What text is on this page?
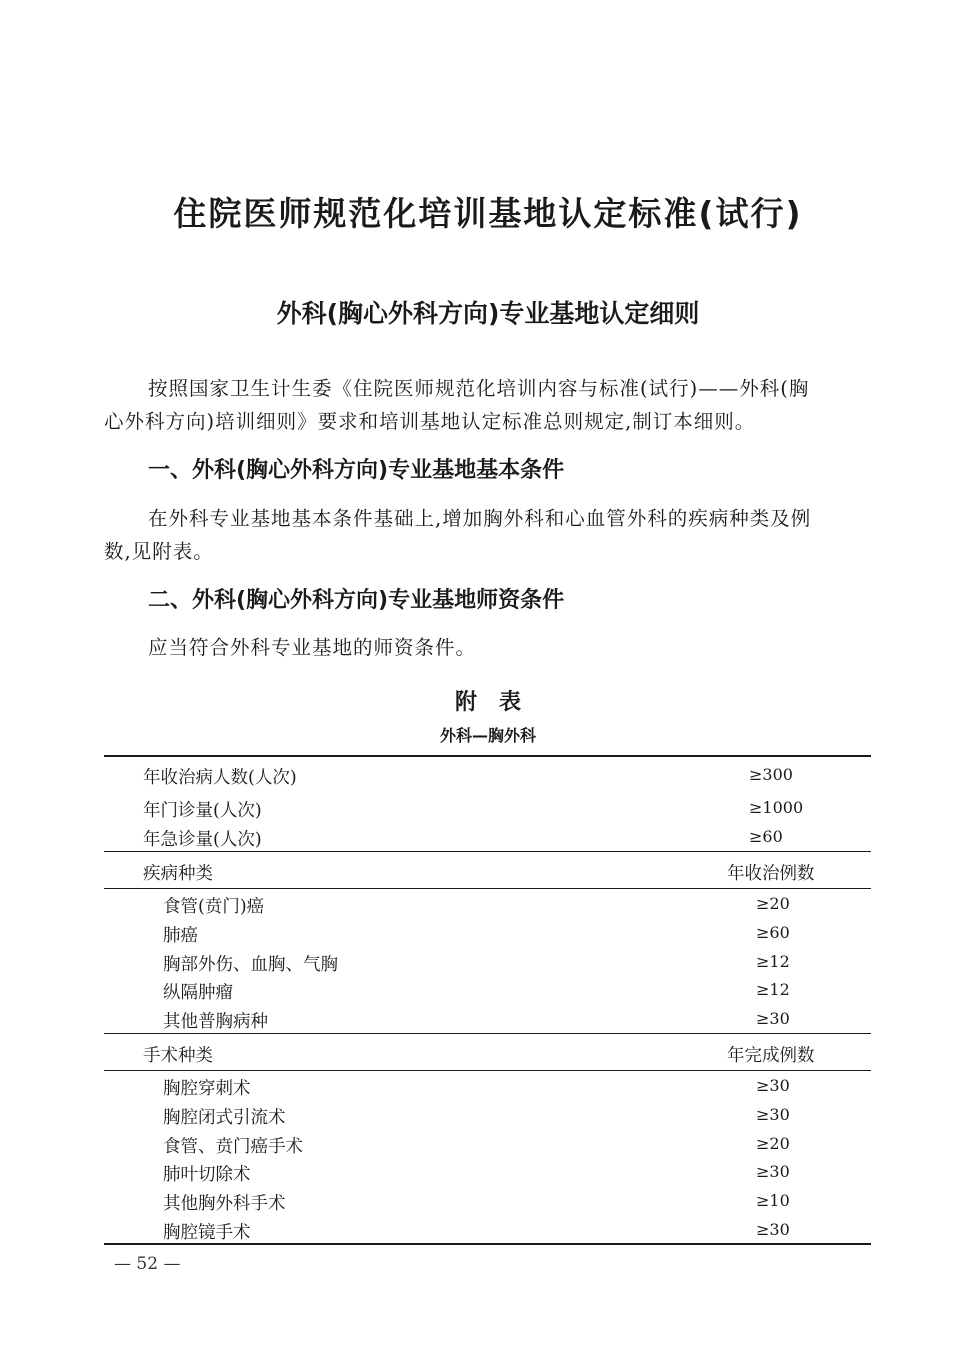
住院医师规范化培训基地认定标准(试行)
外科(胸心外科方向)专业基地认定细则
按照国家卫生计生委《住院医师规范化培训内容与标准(试行)——外科(胸
心外科方向)培训细则》要求和培训基地认定标准总则规定,制订本细则。
一、外科(胸心外科方向)专业基地基本条件
在外科专业基地基本条件基础上,增加胸外科和心血管外科的疾病种类及例
数,见附表。
二、外科(胸心外科方向)专业基地师资条件
应当符合外科专业基地的师资条件。
附　表
外科—胸外科
年收治病人数(人次)	≥300
年门诊量(人次)	≥1000
年急诊量(人次)	≥60
疾病种类	年收治例数
食管(贲门)癌	≥20
肺癌	≥60
胸部外伤、血胸、气胸	≥12
纵隔肿瘤	≥12
其他普胸病种	≥30
手术种类	年完成例数
胸腔穿刺术	≥30
胸腔闭式引流术	≥30
食管、贲门癌手术	≥20
肺叶切除术	≥30
其他胸外科手术	≥10
胸腔镜手术	≥30
— 52 —
